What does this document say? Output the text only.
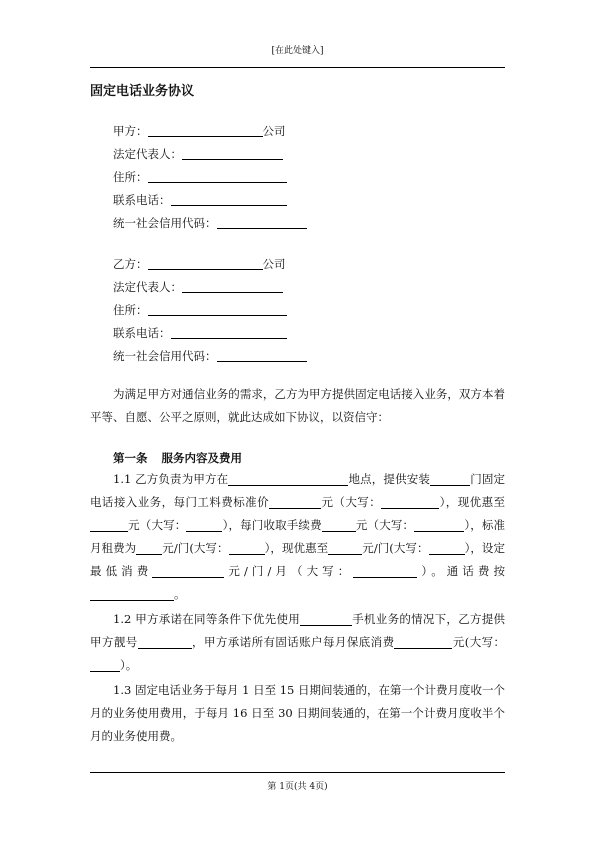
[在此处键入]
固定电话业务协议
甲方：	公司
法定代表人：
住所：
联系电话：
统一社会信用代码：
乙方：	公司
法定代表人：
住所：
联系电话：
统一社会信用代码：

为满足甲方对通信业务的需求，乙方为甲方提供固定电话接入业务，双方本着平等、自愿、公平之原则，就此达成如下协议，以资信守：

第一条 服务内容及费用

1.1 乙方负责为甲方在	地点，提供安装	门固定电话接入业务，每门工料费标准价	元（大写：	），现优惠至元（大写：	），每门收取手续费	元（大写：	），标准月租费为 元/门(大写：	），现优惠至	元/门(大写：	），设定最低消费	元/门/月（大写：	）。通话费按。

1.2 甲方承诺在同等条件下优先使用	手机业务的情况下，乙方提供甲方靓号	，甲方承诺所有固话账户每月保底消费	元(大写：）。

1.3 固定电话业务于每月 1 日至 15 日期间装通的，在第一个计费月度收一个月的业务使用费用，于每月 16 日至 30 日期间装通的，在第一个计费月度收半个月的业务使用费。

第 1页(共 4页)
